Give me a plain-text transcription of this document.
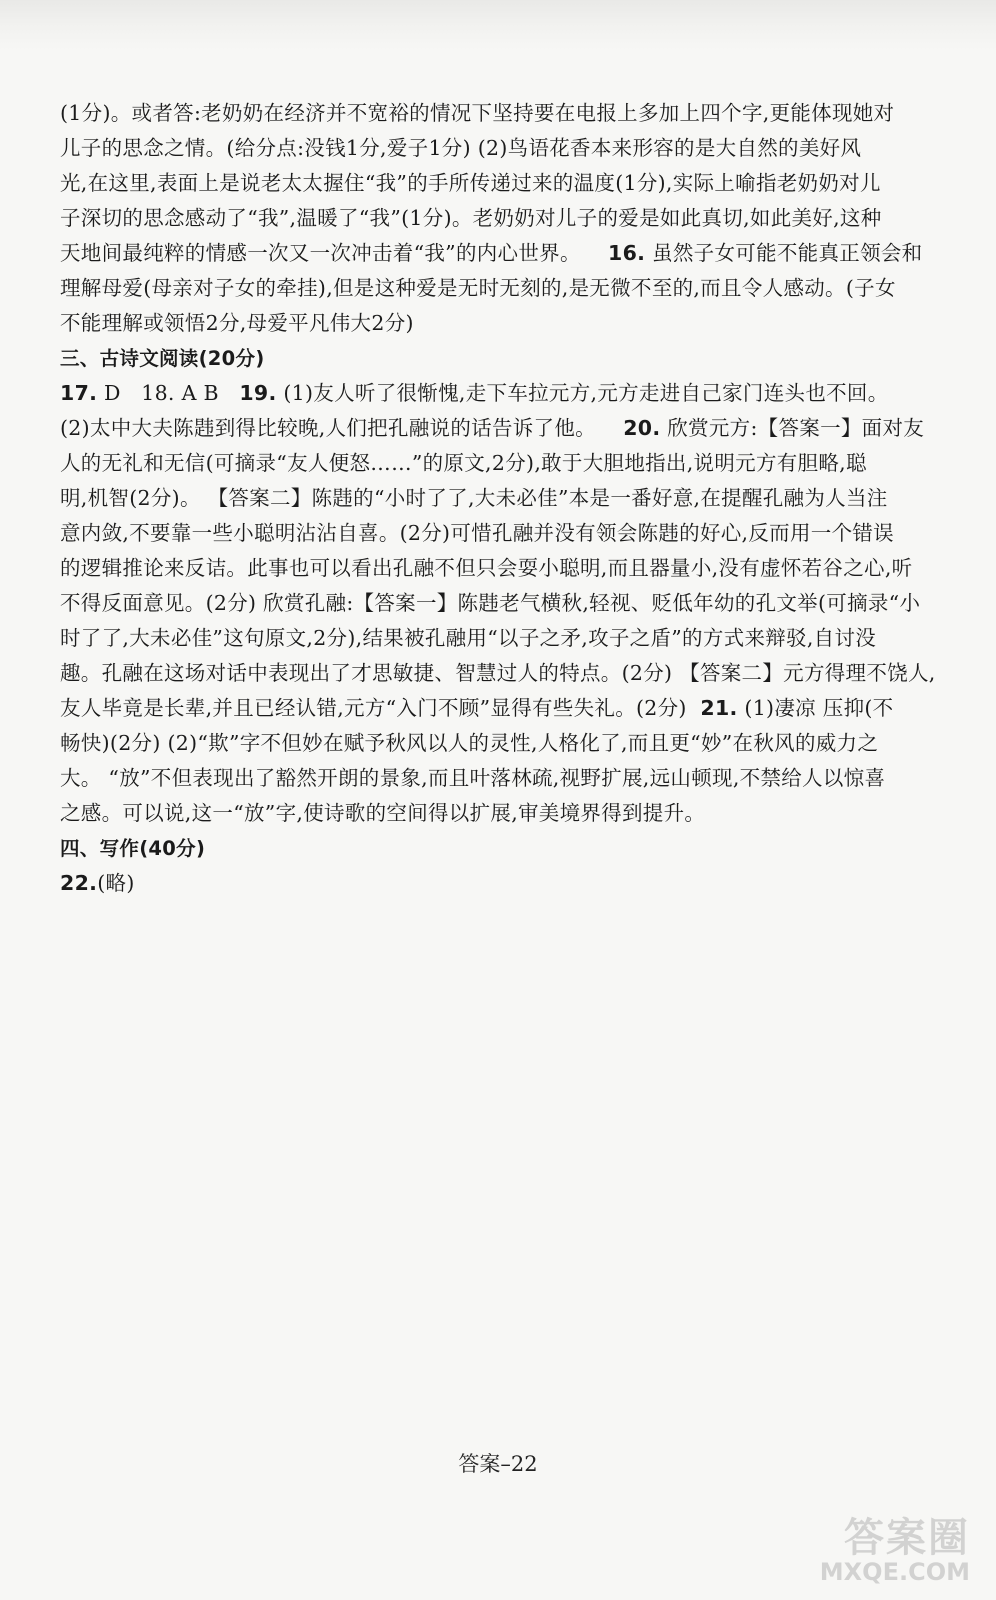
(1分)。或者答:老奶奶在经济并不宽裕的情况下坚持要在电报上多加上四个字,更能体现她对

儿子的思念之情。(给分点:没钱1分,爱子1分) (2)鸟语花香本来形容的是大自然的美好风

光,在这里,表面上是说老太太握住“我”的手所传递过来的温度(1分),实际上喻指老奶奶对儿

子深切的思念感动了“我”,温暖了“我”(1分)。老奶奶对儿子的爱是如此真切,如此美好,这种

天地间最纯粹的情感一次又一次冲击着“我”的内心世界。 16. 虽然子女可能不能真正领会和

理解母爱(母亲对子女的牵挂),但是这种爱是无时无刻的,是无微不至的,而且令人感动。(子女

不能理解或领悟2分,母爱平凡伟大2分)

三、古诗文阅读(20分)

17. D 18. A B 19. (1)友人听了很惭愧,走下车拉元方,元方走进自己家门连头也不回。

(2)太中大夫陈韪到得比较晚,人们把孔融说的话告诉了他。 20. 欣赏元方:【答案一】面对友

人的无礼和无信(可摘录“友人便怒……”的原文,2分),敢于大胆地指出,说明元方有胆略,聪

明,机智(2分)。 【答案二】陈韪的“小时了了,大未必佳”本是一番好意,在提醒孔融为人当注

意内敛,不要靠一些小聪明沾沾自喜。(2分)可惜孔融并没有领会陈韪的好心,反而用一个错误

的逻辑推论来反诘。此事也可以看出孔融不但只会耍小聪明,而且器量小,没有虚怀若谷之心,听

不得反面意见。(2分) 欣赏孔融:【答案一】陈韪老气横秋,轻视、贬低年幼的孔文举(可摘录“小

时了了,大未必佳”这句原文,2分),结果被孔融用“以子之矛,攻子之盾”的方式来辩驳,自讨没

趣。孔融在这场对话中表现出了才思敏捷、智慧过人的特点。(2分) 【答案二】元方得理不饶人,

友人毕竟是长辈,并且已经认错,元方“入门不顾”显得有些失礼。(2分) 21. (1)凄凉 压抑(不

畅快)(2分) (2)“欺”字不但妙在赋予秋风以人的灵性,人格化了,而且更“妙”在秋风的威力之

大。 “放”不但表现出了豁然开朗的景象,而且叶落林疏,视野扩展,远山顿现,不禁给人以惊喜

之感。可以说,这一“放”字,使诗歌的空间得以扩展,审美境界得到提升。

四、写作(40分)

22.(略)

答案–22
答案圈
MXQE.COM
